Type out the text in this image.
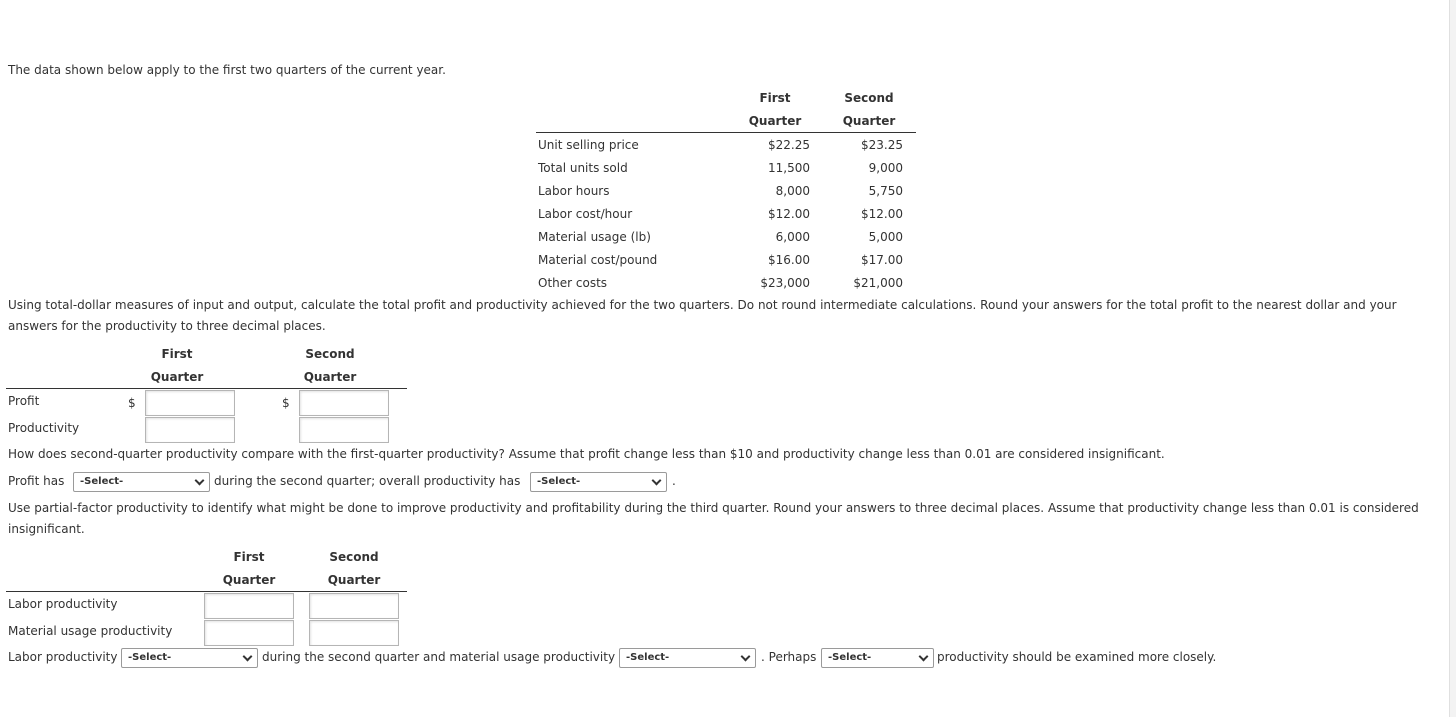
The data shown below apply to the first two quarters of the current year.
First
Quarter
Second
Quarter
Unit selling price	$22.25	$23.25
Total units sold	11,500	9,000
Labor hours	8,000	5,750
Labor cost/hour	$12.00	$12.00
Material usage (lb)	6,000	5,000
Material cost/pound	$16.00	$17.00
Other costs	$23,000	$21,000
Using total-dollar measures of input and output, calculate the total profit and productivity achieved for the two quarters. Do not round intermediate calculations. Round your answers for the total profit to the nearest dollar and your
answers for the productivity to three decimal places.
First
Quarter
Second
Quarter
Profit	$	$
Productivity
How does second-quarter productivity compare with the first-quarter productivity? Assume that profit change less than $10 and productivity change less than 0.01 are considered insignificant.
Profit has	-Select-	during the second quarter; overall productivity has	-Select-	.
Use partial-factor productivity to identify what might be done to improve productivity and profitability during the third quarter. Round your answers to three decimal places. Assume that productivity change less than 0.01 is considered
insignificant.
First
Quarter
Second
Quarter
Labor productivity
Material usage productivity
Labor productivity	-Select-	during the second quarter and material usage productivity	-Select-	. Perhaps	-Select-	productivity should be examined more closely.
